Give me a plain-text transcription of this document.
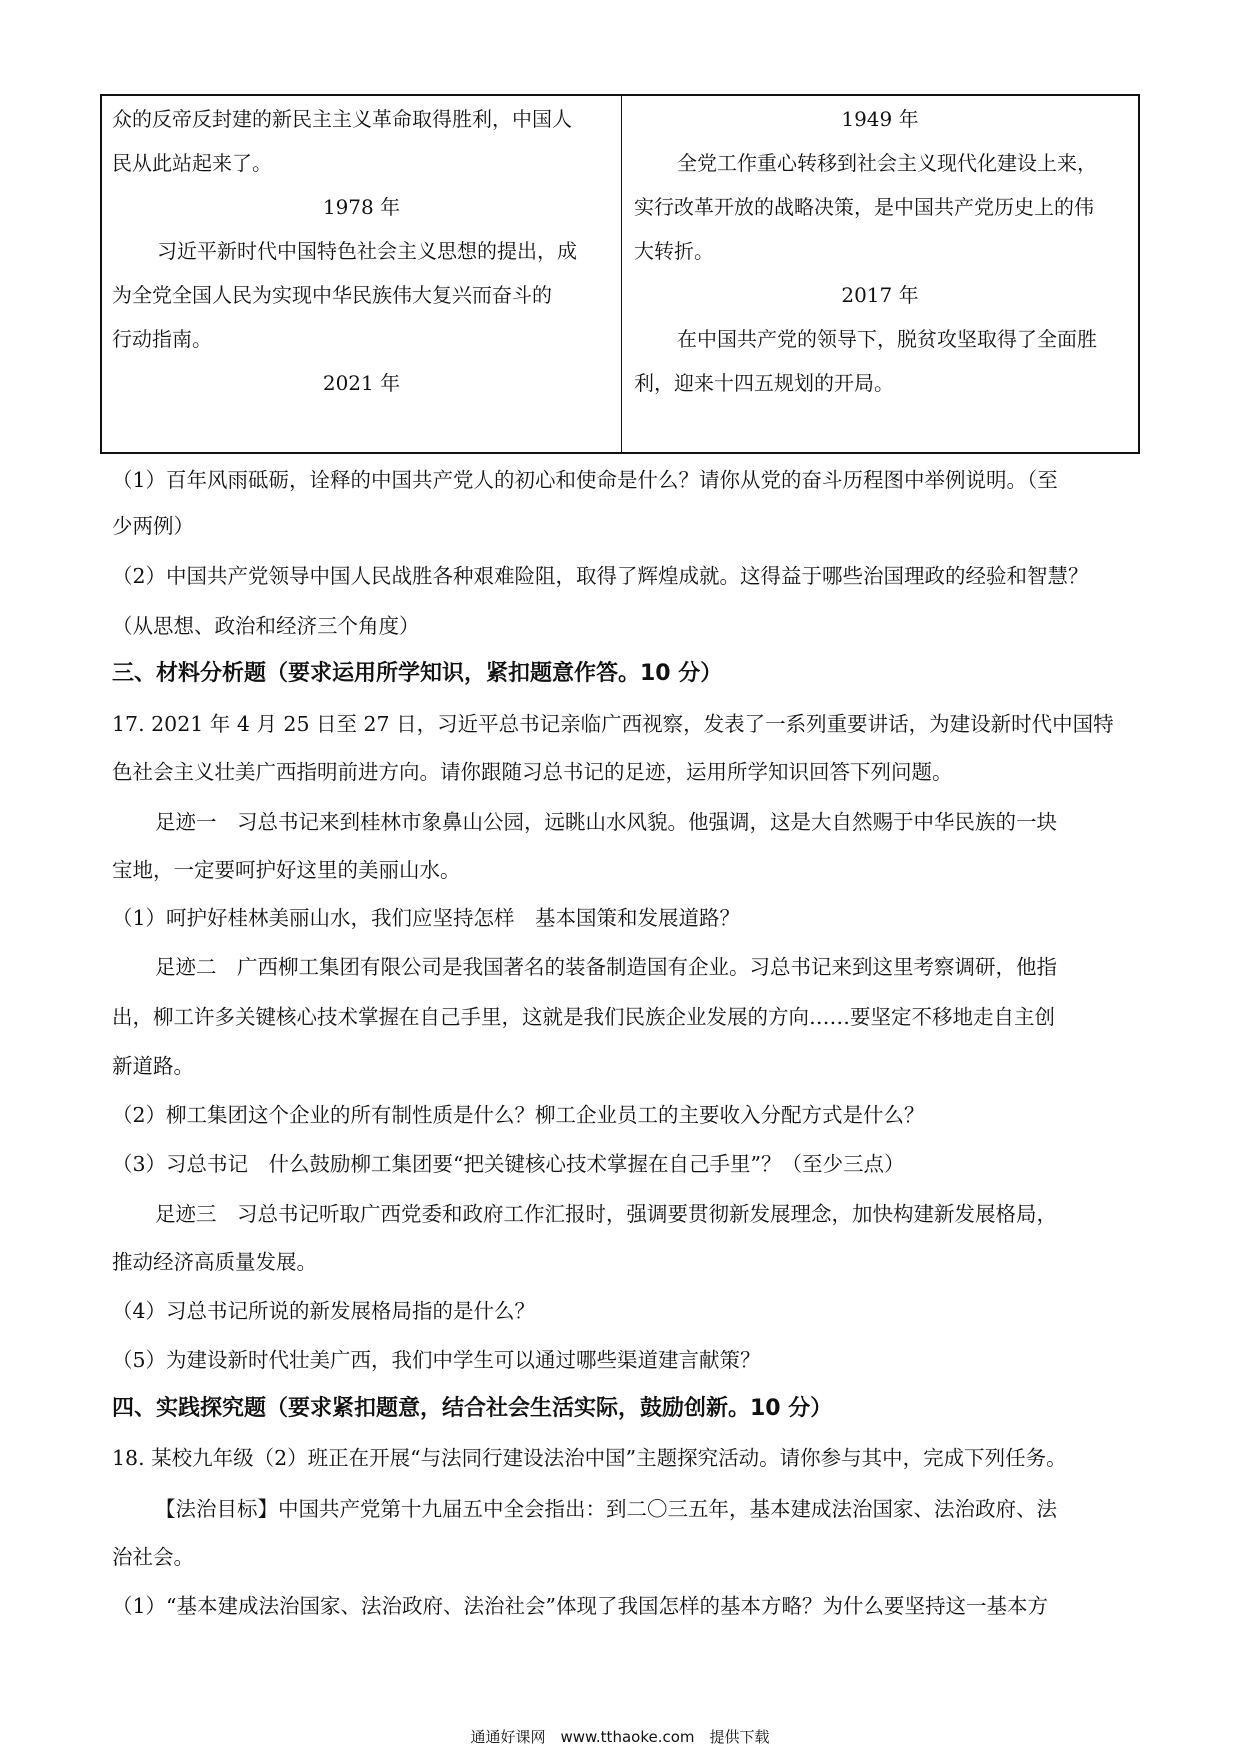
众的反帝反封建的新民主主义革命取得胜利，中国人
民从此站起来了。
1978 年
习近平新时代中国特色社会主义思想的提出，成
为全党全国人民为实现中华民族伟大复兴而奋斗的
行动指南。
2021 年
1949 年
全党工作重心转移到社会主义现代化建设上来，
实行改革开放的战略决策，是中国共产党历史上的伟
大转折。
2017 年
在中国共产党的领导下，脱贫攻坚取得了全面胜
利，迎来十四五规划的开局。
（1）百年风雨砥砺，诠释的中国共产党人的初心和使命是什么？请你从党的奋斗历程图中举例说明。（至
少两例）
（2）中国共产党领导中国人民战胜各种艰难险阻，取得了辉煌成就。这得益于哪些治国理政的经验和智慧？
（从思想、政治和经济三个角度）
三、材料分析题（要求运用所学知识，紧扣题意作答。10 分）
17. 2021 年 4 月 25 日至 27 日，习近平总书记亲临广西视察，发表了一系列重要讲话，为建设新时代中国特
色社会主义壮美广西指明前进方向。请你跟随习总书记的足迹，运用所学知识回答下列问题。
足迹一　习总书记来到桂林市象鼻山公园，远眺山水风貌。他强调，这是大自然赐于中华民族的一块
宝地，一定要呵护好这里的美丽山水。
（1）呵护好桂林美丽山水，我们应坚持怎样　基本国策和发展道路？
足迹二　广西柳工集团有限公司是我国著名的装备制造国有企业。习总书记来到这里考察调研，他指
出，柳工许多关键核心技术掌握在自己手里，这就是我们民族企业发展的方向……要坚定不移地走自主创
新道路。
（2）柳工集团这个企业的所有制性质是什么？柳工企业员工的主要收入分配方式是什么？
（3）习总书记　什么鼓励柳工集团要“把关键核心技术掌握在自己手里”？（至少三点）
足迹三　习总书记听取广西党委和政府工作汇报时，强调要贯彻新发展理念，加快构建新发展格局，
推动经济高质量发展。
（4）习总书记所说的新发展格局指的是什么？
（5）为建设新时代壮美广西，我们中学生可以通过哪些渠道建言献策？
四、实践探究题（要求紧扣题意，结合社会生活实际，鼓励创新。10 分）
18. 某校九年级（2）班正在开展“与法同行建设法治中国”主题探究活动。请你参与其中，完成下列任务。
【法治目标】中国共产党第十九届五中全会指出：到二〇三五年，基本建成法治国家、法治政府、法
治社会。
（1）“基本建成法治国家、法治政府、法治社会”体现了我国怎样的基本方略？为什么要坚持这一基本方
通通好课网　www.tthaoke.com　提供下载
